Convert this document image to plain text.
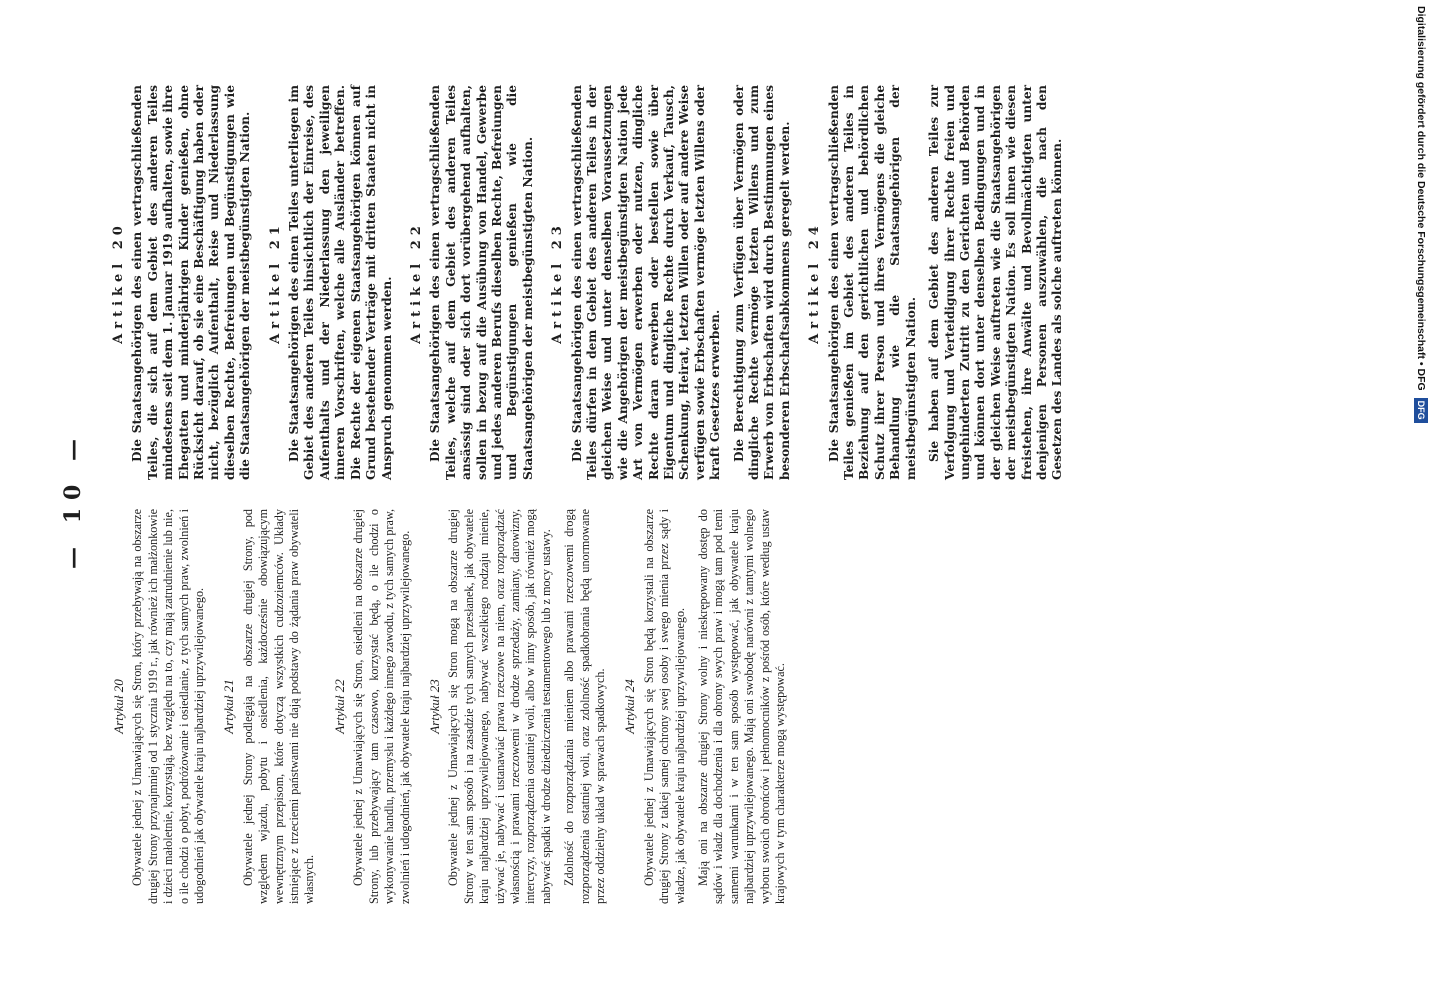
— 10 —
Artikel 20 Die Staatsangehörigen des einen vertragschließenden Teiles, die sich auf dem Gebiet des anderen Teiles mindestens seit dem 1. Januar 1919 aufhalten, sowie ihre Ehegatten und minderjährigen Kinder genießen, ohne Rücksicht darauf, ob sie eine Beschäftigung haben oder nicht, bezüglich Aufenthalt, Reise und Niederlassung dieselben Rechte, Befreiungen und Begünstigungen wie die Staatsangehörigen der meistbegünstigten Nation. Artikel 21 Die Staatsangehörigen des einen Teiles unterliegen im Gebiet des anderen Teiles hinsichtlich der Einreise, des Aufenthalts und der Niederlassung den jeweiligen inneren Vorschriften, welche alle Ausländer betreffen. Die Rechte der eigenen Staatsangehörigen können auf Grund bestehender Verträge mit dritten Staaten nicht in Anspruch genommen werden. Artikel 22 Die Staatsangehörigen des einen vertragschließenden Teiles, welche auf dem Gebiet des anderen Teiles ansässig sind oder sich dort vorübergehend aufhalten, sollen in bezug auf die Ausübung von Handel, Gewerbe und jedes anderen Berufs dieselben Rechte, Befreiungen und Begünstigungen genießen wie die Staatsangehörigen der meistbegünstigten Nation. Artikel 23 Die Staatsangehörigen des einen vertragschließenden Teiles dürfen in dem Gebiet des anderen Teiles in der gleichen Weise und unter denselben Voraussetzungen wie die Angehörigen der meistbegünstigten Nation jede Art von Vermögen erwerben oder nutzen, dingliche Rechte daran erwerben oder bestellen sowie über Eigentum und dingliche Rechte durch Verkauf, Tausch, Schenkung, Heirat, letzten Willen oder auf andere Weise verfügen sowie Erbschaften vermöge letzten Willens oder kraft Gesetzes erwerben. Die Berechtigung zum Verfügen über Vermögen oder dingliche Rechte vermöge letzten Willens und zum Erwerb von Erbschaften wird durch Bestimmungen eines besonderen Erbschaftsabkommens geregelt werden. Artikel 24 Die Staatsangehörigen des einen vertragschließenden Teiles genießen im Gebiet des anderen Teiles in Beziehung auf den gerichtlichen und behördlichen Schutz ihrer Person und ihres Vermögens die gleiche Behandlung wie die Staatsangehörigen der meistbegünstigten Nation. Sie haben auf dem Gebiet des anderen Teiles zur Verfolgung und Verteidigung ihrer Rechte freien und ungehinderten Zutritt zu den Gerichten und Behörden und können dort unter denselben Bedingungen und in der gleichen Weise auftreten wie die Staatsangehörigen der meistbegünstigten Nation. Es soll ihnen wie diesen freistehen, ihre Anwälte und Bevollmächtigten unter denjenigen Personen auszuwählen, die nach den Gesetzen des Landes als solche auftreten können.

Artykuł 20 Obywatele jednej z Umawiających się Stron, który przebywają na obszarze drugiej Strony przynajmniej od 1 stycznia 1919 r., jak również ich małżonkowie i dzieci małoletnie, korzystają, bez względu na to, czy mają zatrudnienie lub nie, o ile chodzi o pobyt, podróżowanie i osiedlanie, z tych samych praw, zwolnień i udogodnień jak obywatele kraju najbardziej uprzywilejowanego. Artykuł 21 Obywatele jednej Strony podlegają na obszarze drugiej Strony, pod względem wjazdu, pobytu i osiedlenia, każdocześnie obowiązującym wewnętrznym przepisom, które dotyczą wszystkich cudzoziemców. Układy istniejące z trzeciemi państwami nie dają podstawy do żądania praw obywateli własnych.

Artykuł 22 Obywatele jednej z Umawiających się Stron, osiedleni na obszarze drugiej Strony, lub przebywający tam czasowo, korzystać będą, o ile chodzi o wykonywanie handlu, przemysłu i każdego innego zawodu, z tych samych praw, zwolnień i udogodnień, jak obywatele kraju najbardziej uprzywilejowanego. Artykuł 23 Obywatele jednej z Umawiających się Stron mogą na obszarze drugiej Strony w ten sam sposób i na zasadzie tych samych przesłanek, jak obywatele kraju najbardziej uprzywilejowanego, nabywać wszelkiego rodzaju mienie, używać je, nabywać i ustanawiać prawa rzeczowe na niem, oraz rozporządzać własnością i prawami rzeczowemi w drodze sprzedaży, zamiany, darowizny, intercyzy, rozporządzenia ostatniej woli, albo w inny sposób, jak również mogą nabywać spadki w drodze dziedziczenia testamentowego lub z mocy ustawy. Zdolność do rozporządzania mieniem albo prawami rzeczowemi drogą rozporządzenia ostatniej woli, oraz zdolność spadkobrania będą unormowane przez oddzielny układ w sprawach spadkowych. Artykuł 24 Obywatele jednej z Umawiających się Stron będą korzystali na obszarze drugiej Strony z takiej samej ochrony swej osoby i swego mienia przez sądy i władze, jak obywatele kraju najbardziej uprzywilejowanego. Mają oni na obszarze drugiej Strony wolny i nieskrępowany dostęp do sądów i władz dla dochodzenia i dla obrony swych praw i mogą tam pod temi samemi warunkami i w ten sam sposób występować, jak obywatele kraju najbardziej uprzywilejowanego. Mają oni swobodę narówni z tamtymi wolnego wyboru swoich obrońców i pełnomocników z pośród osób, które według ustaw krajowych w tym charakterze mogą występować.

Digitalisierung gefördert durch die Deutsche Forschungsgemeinschaft • DFG DFG
